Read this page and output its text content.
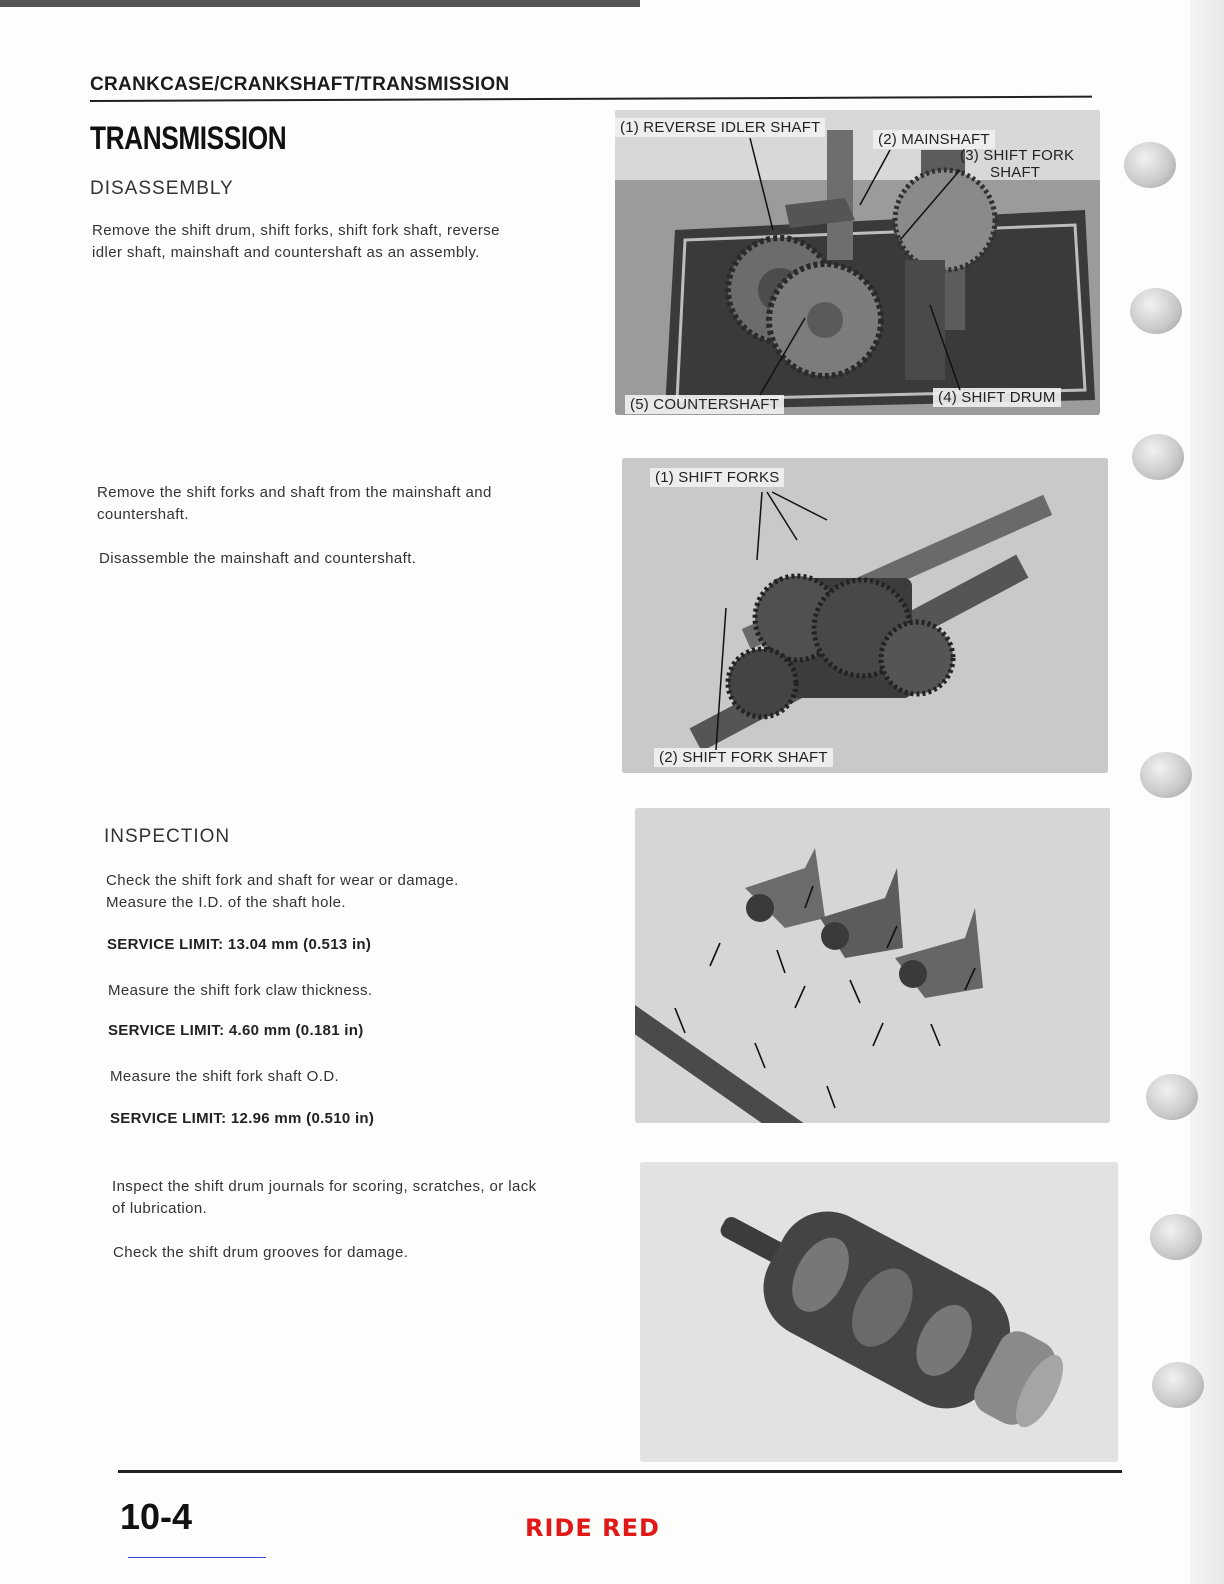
CRANKCASE/CRANKSHAFT/TRANSMISSION
TRANSMISSION
DISASSEMBLY
Remove the shift drum, shift forks, shift fork shaft, reverse
idler shaft, mainshaft and countershaft as an assembly.
Remove the shift forks and shaft from the mainshaft and
countershaft.
Disassemble the mainshaft and countershaft.
INSPECTION
Check the shift fork and shaft for wear or damage.
Measure the I.D. of the shaft hole.
SERVICE LIMIT: 13.04 mm (0.513 in)
Measure the shift fork claw thickness.
SERVICE LIMIT: 4.60 mm (0.181 in)
Measure the shift fork shaft O.D.
SERVICE LIMIT: 12.96 mm (0.510 in)
Inspect the shift drum journals for scoring, scratches, or lack
of lubrication.
Check the shift drum grooves for damage.
(1) REVERSE IDLER SHAFT
(2) MAINSHAFT
(3) SHIFT FORK
SHAFT
(4) SHIFT DRUM
(5) COUNTERSHAFT
(1) SHIFT FORKS
(2) SHIFT FORK SHAFT
10-4	RIDE RED
